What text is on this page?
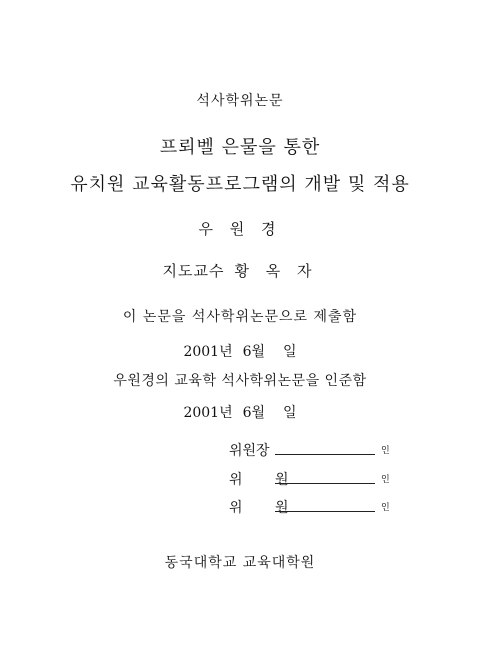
석사학위논문
프뢰벨 은물을 통한
유치원 교육활동프로그램의 개발 및 적용
우 원 경
지도교수 황 옥 자
이 논문을 석사학위논문으로 제출함
2001년 6월 일
우원경의 교육학 석사학위논문을 인준함
2001년 6월 일
위원장	인
위 원	인
위 원	인
동국대학교 교육대학원
